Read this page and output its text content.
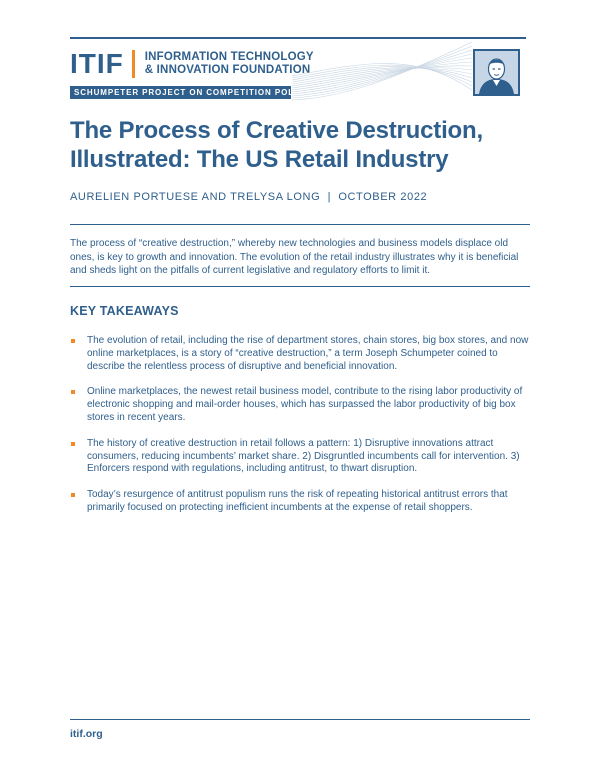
ITIF INFORMATION TECHNOLOGY
& INNOVATION FOUNDATION
SCHUMPETER PROJECT ON COMPETITION POLICY
The Process of Creative Destruction,
Illustrated: The US Retail Industry
AURELIEN PORTUESE AND TRELYSA LONG  |  OCTOBER 2022

The process of “creative destruction,” whereby new technologies and business models displace old ones, is key to growth and innovation. The evolution of the retail industry illustrates why it is beneficial and sheds light on the pitfalls of current legislative and regulatory efforts to limit it.

KEY TAKEAWAYS
The evolution of retail, including the rise of department stores, chain stores, big box stores, and now online marketplaces, is a story of “creative destruction,” a term Joseph Schumpeter coined to describe the relentless process of disruptive and beneficial innovation.
Online marketplaces, the newest retail business model, contribute to the rising labor productivity of electronic shopping and mail-order houses, which has surpassed the labor productivity of big box stores in recent years.
The history of creative destruction in retail follows a pattern: 1) Disruptive innovations attract consumers, reducing incumbents’ market share. 2) Disgruntled incumbents call for intervention. 3) Enforcers respond with regulations, including antitrust, to thwart disruption.
Today’s resurgence of antitrust populism runs the risk of repeating historical antitrust errors that primarily focused on protecting inefficient incumbents at the expense of retail shoppers.
itif.org
